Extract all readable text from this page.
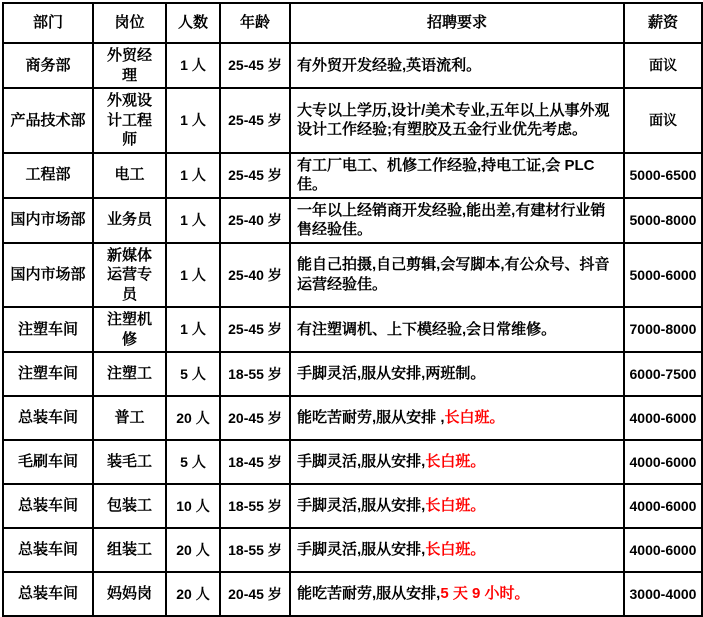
部门	岗位	人数	年龄	招聘要求	薪资
商务部	外贸经理	1 人	25-45 岁	有外贸开发经验,英语流利。	面议
产品技术部	外观设计工程师	1 人	25-45 岁	大专以上学历,设计/美术专业,五年以上从事外观设计工作经验;有塑胶及五金行业优先考虑。	面议
工程部	电工	1 人	25-45 岁	有工厂电工、机修工作经验,持电工证,会 PLC 佳。	5000-6500
国内市场部	业务员	1 人	25-40 岁	一年以上经销商开发经验,能出差,有建材行业销售经验佳。	5000-8000
国内市场部	新媒体运营专员	1 人	25-40 岁	能自己拍摄,自己剪辑,会写脚本,有公众号、抖音运营经验佳。	5000-6000
注塑车间	注塑机修	1 人	25-45 岁	有注塑调机、上下模经验,会日常维修。	7000-8000
注塑车间	注塑工	5 人	18-55 岁	手脚灵活,服从安排,两班制。	6000-7500
总装车间	普工	20 人	20-45 岁	能吃苦耐劳,服从安排 ,长白班。	4000-6000
毛刷车间	装毛工	5 人	18-45 岁	手脚灵活,服从安排,长白班。	4000-6000
总装车间	包装工	10 人	18-55 岁	手脚灵活,服从安排,长白班。	4000-6000
总装车间	组装工	20 人	18-55 岁	手脚灵活,服从安排,长白班。	4000-6000
总装车间	妈妈岗	20 人	20-45 岁	能吃苦耐劳,服从安排,5 天 9 小时。	3000-4000
